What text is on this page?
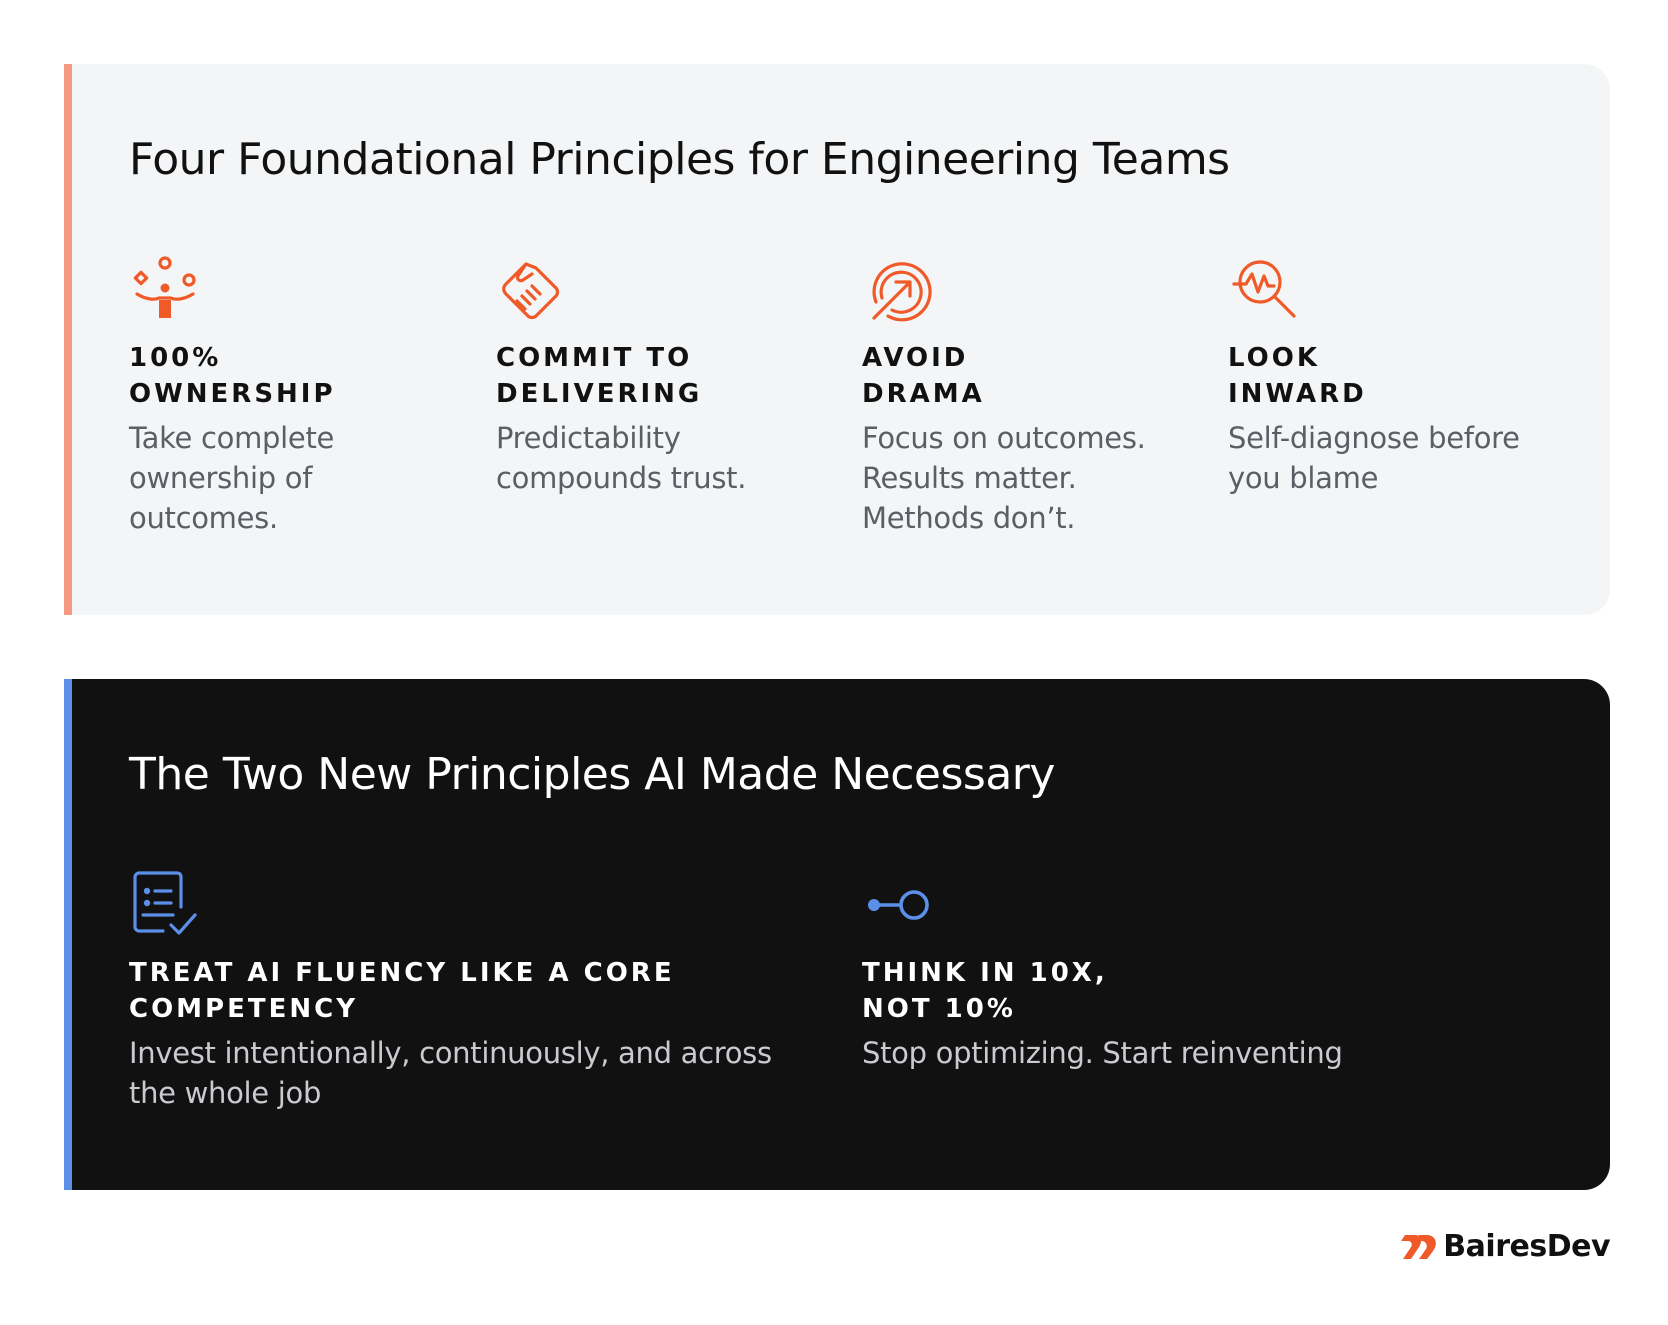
Four Foundational Principles for Engineering Teams

100%
OWNERSHIP

Take complete
ownership of
outcomes.

COMMIT TO
DELIVERING

Predictability
compounds trust.

AVOID
DRAMA

Focus on outcomes.
Results matter.
Methods don’t.

LOOK
INWARD

Self-diagnose before
you blame

The Two New Principles AI Made Necessary

TREAT AI FLUENCY LIKE A CORE
COMPETENCY

Invest intentionally, continuously, and across
the whole job

THINK IN 10X,
NOT 10%

Stop optimizing. Start reinventing

BairesDev
